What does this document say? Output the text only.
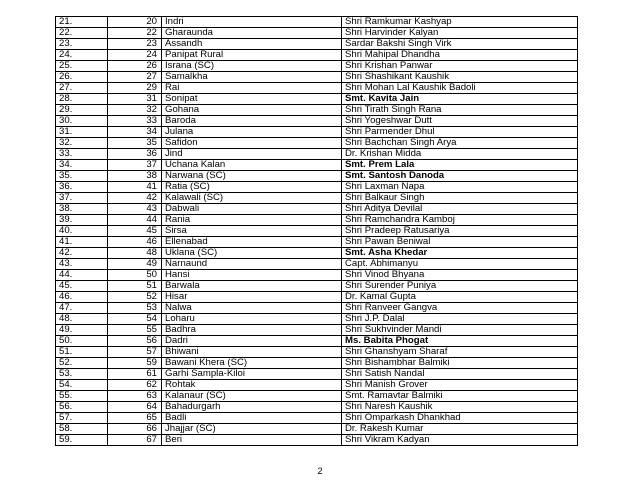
21.	20	Indri	Shri Ramkumar Kashyap
22.	22	Gharaunda	Shri Harvinder Kalyan
23.	23	Assandh	Sardar Bakshi Singh Virk
24.	24	Panipat Rural	Shri Mahipal Dhandha
25.	26	Israna (SC)	Shri Krishan Panwar
26.	27	Samalkha	Shri Shashikant Kaushik
27.	29	Rai	Shri Mohan Lal Kaushik Badoli
28.	31	Sonipat	Smt. Kavita Jain
29.	32	Gohana	Shri Tirath Singh Rana
30.	33	Baroda	Shri Yogeshwar Dutt
31.	34	Julana	Shri Parmender Dhul
32.	35	Safidon	Shri Bachchan Singh Arya
33.	36	Jind	Dr. Krishan Midda
34.	37	Uchana Kalan	Smt. Prem Lala
35.	38	Narwana (SC)	Smt. Santosh Danoda
36.	41	Ratia (SC)	Shri Laxman Napa
37.	42	Kalawali (SC)	Shri Balkaur Singh
38.	43	Dabwali	Shri Aditya Devilal
39.	44	Rania	Shri Ramchandra Kamboj
40.	45	Sirsa	Shri Pradeep Ratusariya
41.	46	Ellenabad	Shri Pawan Beniwal
42.	48	Uklana (SC)	Smt. Asha Khedar
43.	49	Narnaund	Capt. Abhimanyu
44.	50	Hansi	Shri Vinod Bhyana
45.	51	Barwala	Shri Surender Puniya
46.	52	Hisar	Dr. Kamal Gupta
47.	53	Nalwa	Shri Ranveer Gangva
48.	54	Loharu	Shri J.P. Dalal
49.	55	Badhra	Shri Sukhvinder Mandi
50.	56	Dadri	Ms. Babita Phogat
51.	57	Bhiwani	Shri Ghanshyam Sharaf
52.	59	Bawani Khera (SC)	Shri Bishambhar Balmiki
53.	61	Garhi Sampla-Kiloi	Shri Satish Nandal
54.	62	Rohtak	Shri Manish Grover
55.	63	Kalanaur (SC)	Smt. Ramavtar Balmiki
56.	64	Bahadurgarh	Shri Naresh Kaushik
57.	65	Badli	Shri Omparkash Dhankhad
58.	66	Jhajjar (SC)	Dr. Rakesh Kumar
59.	67	Beri	Shri Vikram Kadyan
2
